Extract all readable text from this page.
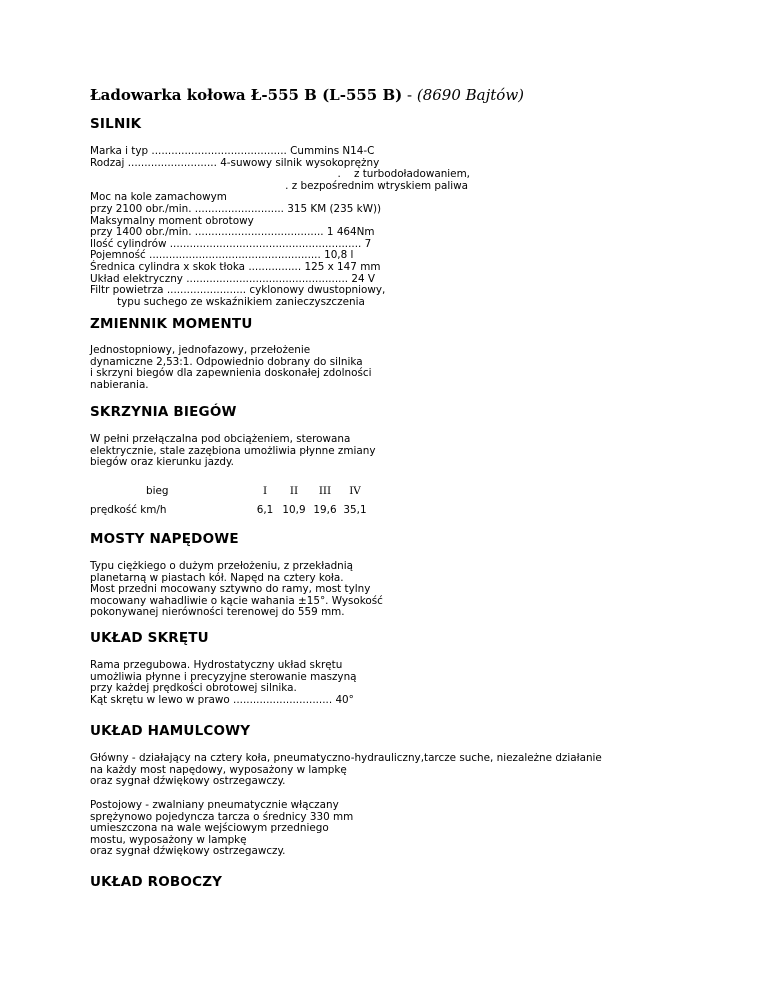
Ładowarka kołowa Ł-555 B (L-555 B) - (8690 Bajtów)
SILNIK
Marka i typ ......................................... Cummins N14-C
Rodzaj ........................... 4-suwowy silnik wysokoprężny
.    z turbodoładowaniem,
. z bezpośrednim wtryskiem paliwa
Moc na kole zamachowym
przy 2100 obr./min. ........................... 315 KM (235 kW))
Maksymalny moment obrotowy
przy 1400 obr./min. ....................................... 1 464Nm
Ilość cylindrów .......................................................... 7
Pojemność .................................................... 10,8 l
Średnica cylindra x skok tłoka ................ 125 x 147 mm
Układ elektryczny ................................................. 24 V
Filtr powietrza ........................ cyklonowy dwustopniowy,
typu suchego ze wskaźnikiem zanieczyszczenia
ZMIENNIK MOMENTU
Jednostopniowy, jednofazowy, przełożenie
dynamiczne 2,53:1. Odpowiednio dobrany do silnika
i skrzyni biegów dla zapewnienia doskonałej zdolności
nabierania.
SKRZYNIA BIEGÓW
W pełni przełączalna pod obciążeniem, sterowana
elektrycznie, stale zazębiona umożliwia płynne zmiany
biegów oraz kierunku jazdy.
bieg	I	II	III	IV
prędkość km/h	6,1	10,9	19,6	35,1
MOSTY NAPĘDOWE
Typu ciężkiego o dużym przełożeniu, z przekładnią
planetarną w piastach kół. Napęd na cztery koła.
Most przedni mocowany sztywno do ramy, most tylny
mocowany wahadliwie o kącie wahania ±15°. Wysokość
pokonywanej nierówności terenowej do 559 mm.
UKŁAD SKRĘTU
Rama przegubowa. Hydrostatyczny układ skrętu
umożliwia płynne i precyzyjne sterowanie maszyną
przy każdej prędkości obrotowej silnika.
Kąt skrętu w lewo w prawo .............................. 40°
UKŁAD HAMULCOWY
Główny - działający na cztery koła, pneumatyczno-hydrauliczny,tarcze suche, niezależne działanie
na każdy most napędowy, wyposażony w lampkę
oraz sygnał dźwiękowy ostrzegawczy.
Postojowy - zwalniany pneumatycznie włączany
sprężynowo pojedyncza tarcza o średnicy 330 mm
umieszczona na wale wejściowym przedniego
mostu, wyposażony w lampkę
oraz sygnał dźwiękowy ostrzegawczy.
UKŁAD ROBOCZY
